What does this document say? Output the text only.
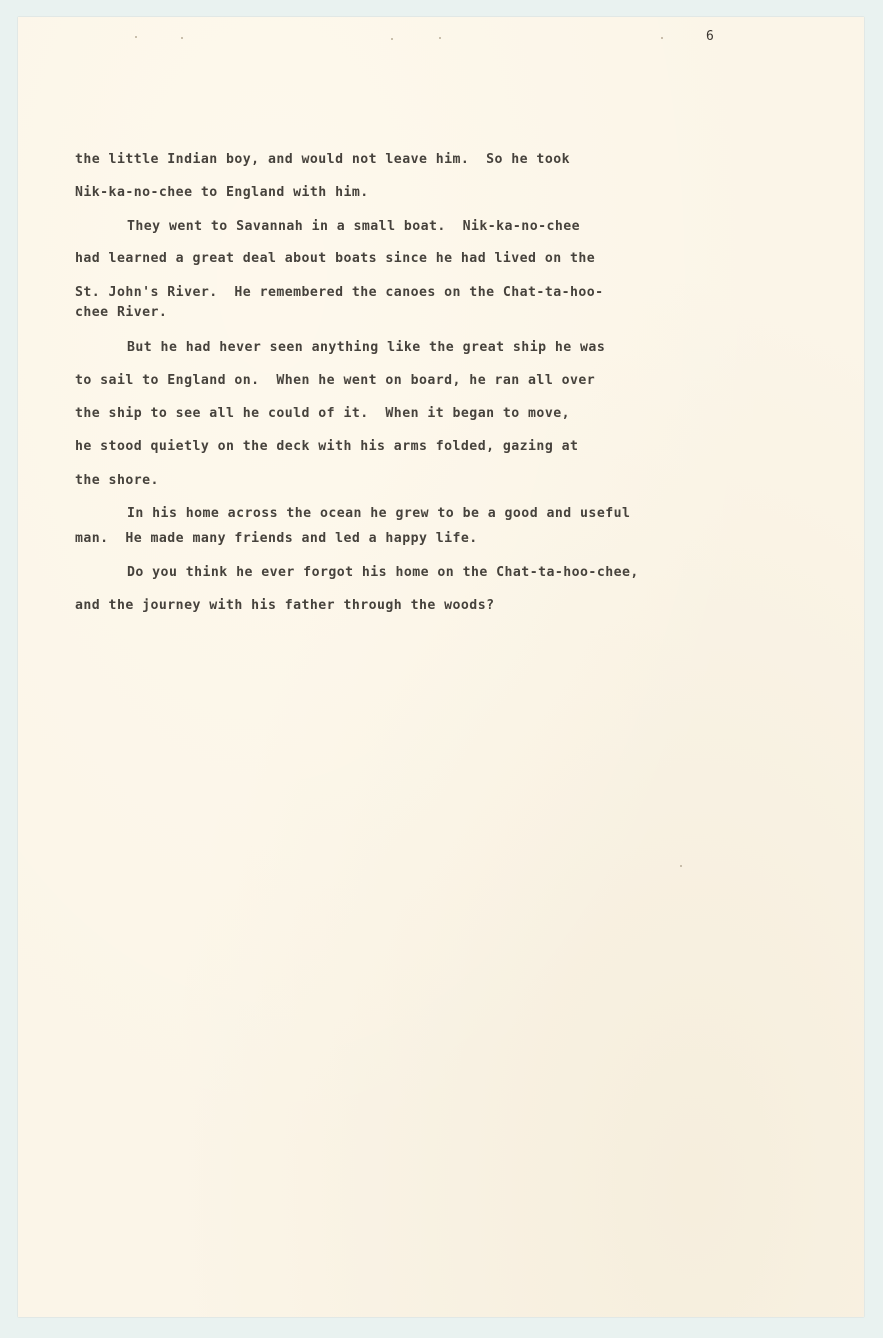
6

the little Indian boy, and would not leave him.  So he took

Nik-ka-no-chee to England with him.

They went to Savannah in a small boat.  Nik-ka-no-chee

had learned a great deal about boats since he had lived on the

St. John's River.  He remembered the canoes on the Chat-ta-hoo-

chee River.

But he had hever seen anything like the great ship he was

to sail to England on.  When he went on board, he ran all over

the ship to see all he could of it.  When it began to move,

he stood quietly on the deck with his arms folded, gazing at

the shore.

In his home across the ocean he grew to be a good and useful

man.  He made many friends and led a happy life.

Do you think he ever forgot his home on the Chat-ta-hoo-chee,

and the journey with his father through the woods?
